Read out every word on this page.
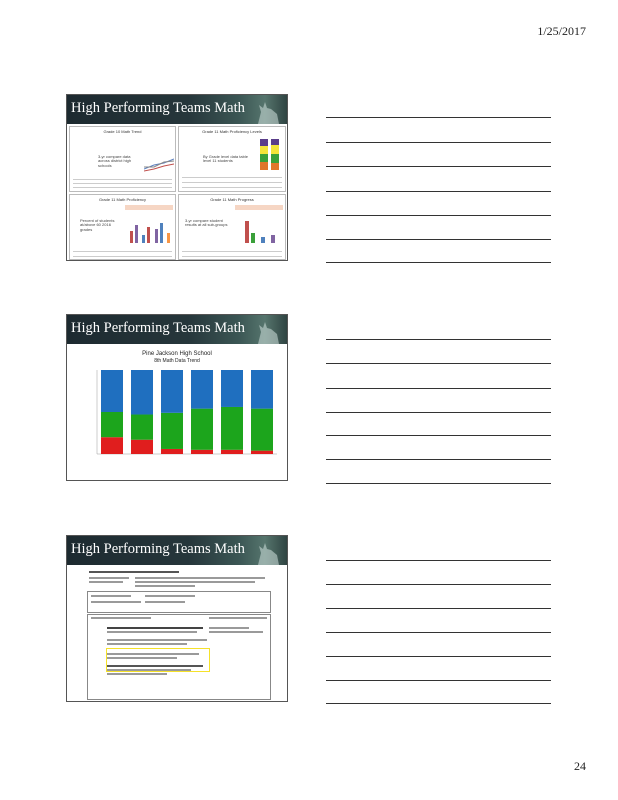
1/25/2017
High Performing Teams Math
Grade 10 Math Trend
3-yr compare data across district high schools
Grade 11 Math Proficiency Levels
By Grade level data table level 11 students
Grade 11 Math Proficiency
Percent of students at/above 60 2016 grades
Grade 11 Math Progress
3-yr compare student results at all sub-groups
High Performing Teams Math
Pine Jackson High School
8th Math Data Trend
High Performing Teams Math
24
